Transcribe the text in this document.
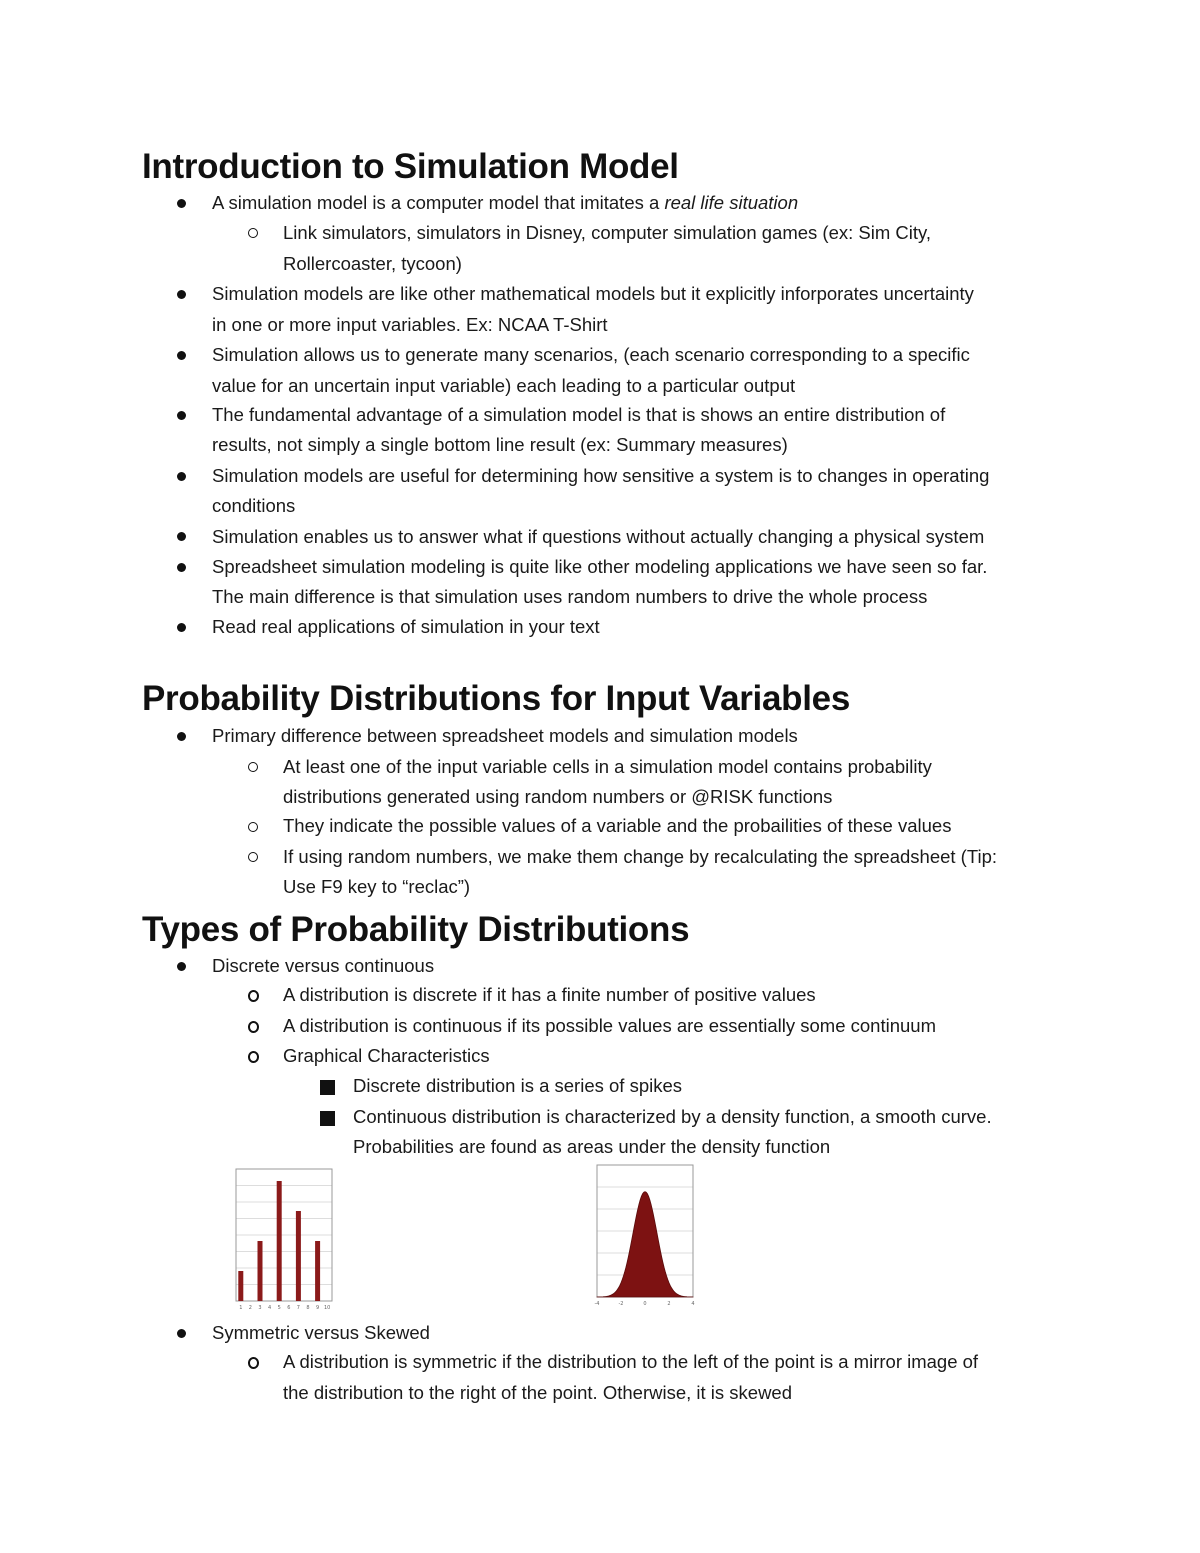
Introduction to Simulation Model

A simulation model is a computer model that imitates a real life situation

Link simulators, simulators in Disney, computer simulation games (ex: Sim City,

Rollercoaster, tycoon)

Simulation models are like other mathematical models but it explicitly inforporates uncertainty

in one or more input variables. Ex: NCAA T-Shirt

Simulation allows us to generate many scenarios, (each scenario corresponding to a specific

value for an uncertain input variable) each leading to a particular output

The fundamental advantage of a simulation model is that is shows an entire distribution of

results, not simply a single bottom line result (ex: Summary measures)

Simulation models are useful for determining how sensitive a system is to changes in operating

conditions

Simulation enables us to answer what if questions without actually changing a physical system

Spreadsheet simulation modeling is quite like other modeling applications we have seen so far.

The main difference is that simulation uses random numbers to drive the whole process

Read real applications of simulation in your text

Probability Distributions for Input Variables

Primary difference between spreadsheet models and simulation models

At least one of the input variable cells in a simulation model contains probability

distributions generated using random numbers or @RISK functions

They indicate the possible values of a variable and the probailities of these values

If using random numbers, we make them change by recalculating the spreadsheet (Tip:

Use F9 key to “reclac”)

Types of Probability Distributions

Discrete versus continuous

A distribution is discrete if it has a finite number of positive values

A distribution is continuous if its possible values are essentially some continuum

Graphical Characteristics

Discrete distribution is a series of spikes

Continuous distribution is characterized by a density function, a smooth curve.

Probabilities are found as areas under the density function

1 2 3 4 5 6 7 8 9 10
-4	-2	0	2	4

Symmetric versus Skewed

A distribution is symmetric if the distribution to the left of the point is a mirror image of

the distribution to the right of the point. Otherwise, it is skewed
